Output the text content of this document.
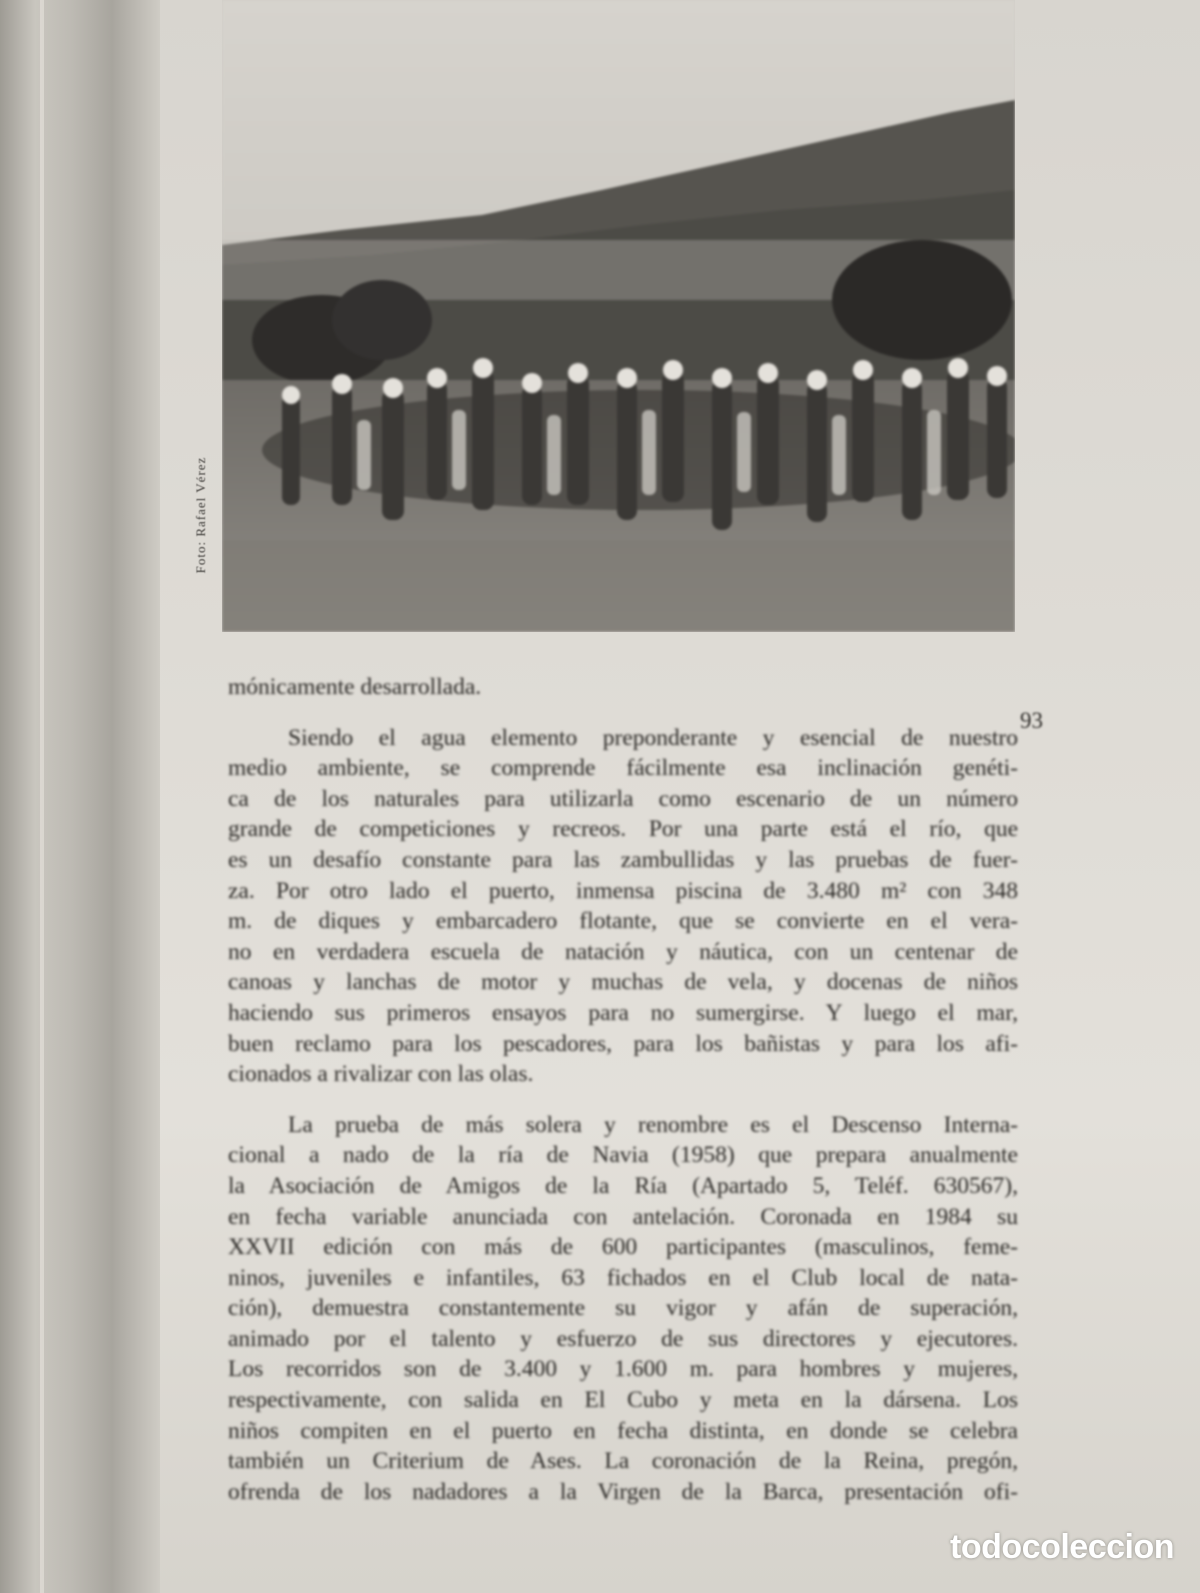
Foto: Rafael Vérez
93
mónicamente desarrollada.
Siendo el agua elemento preponderante y esencial de nuestro
medio ambiente, se comprende fácilmente esa inclinación genéti-
ca de los naturales para utilizarla como escenario de un número
grande de competiciones y recreos. Por una parte está el río, que
es un desafío constante para las zambullidas y las pruebas de fuer-
za. Por otro lado el puerto, inmensa piscina de 3.480 m² con 348
m. de diques y embarcadero flotante, que se convierte en el vera-
no en verdadera escuela de natación y náutica, con un centenar de
canoas y lanchas de motor y muchas de vela, y docenas de niños
haciendo sus primeros ensayos para no sumergirse. Y luego el mar,
buen reclamo para los pescadores, para los bañistas y para los afi-
cionados a rivalizar con las olas.
La prueba de más solera y renombre es el Descenso Interna-
cional a nado de la ría de Navia (1958) que prepara anualmente
la Asociación de Amigos de la Ría (Apartado 5, Teléf. 630567),
en fecha variable anunciada con antelación. Coronada en 1984 su
XXVII edición con más de 600 participantes (masculinos, feme-
ninos, juveniles e infantiles, 63 fichados en el Club local de nata-
ción), demuestra constantemente su vigor y afán de superación,
animado por el talento y esfuerzo de sus directores y ejecutores.
Los recorridos son de 3.400 y 1.600 m. para hombres y mujeres,
respectivamente, con salida en El Cubo y meta en la dársena. Los
niños compiten en el puerto en fecha distinta, en donde se celebra
también un Criterium de Ases. La coronación de la Reina, pregón,
ofrenda de los nadadores a la Virgen de la Barca, presentación ofi-
todocoleccion
